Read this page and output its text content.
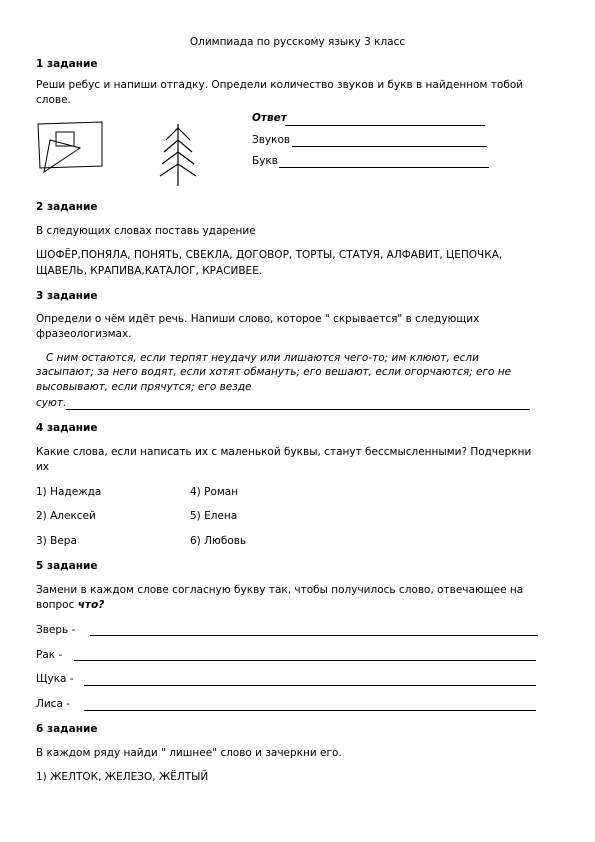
Олимпиада по русскому языку 3 класс
1 задание
Реши ребус и напиши отгадку. Определи количество звуков и букв в найденном тобой
слове.
Ответ
Звуков
Букв
2 задание
В следующих словах поставь ударение
ШОФЁР,ПОНЯЛА, ПОНЯТЬ, СВЕКЛА, ДОГОВОР, ТОРТЫ, СТАТУЯ, АЛФАВИТ, ЦЕПОЧКА,
ЩАВЕЛЬ, КРАПИВА,КАТАЛОГ, КРАСИВЕЕ.
3 задание
Определи о чём идёт речь. Напиши слово, которое " скрывается" в следующих
фразеологизмах.
С ним остаются, если терпят неудачу или лишаются чего-то; им клюют, если
засыпают; за него водят, если хотят обмануть; его вешают, если огорчаются; его не
высовывают, если прячутся; его везде
суют.
4 задание
Какие слова, если написать их с маленькой буквы, станут бессмысленными? Подчеркни
их
1) Надежда
2) Алексей
3) Вера
4) Роман
5) Елена
6) Любовь
5 задание
Замени в каждом слове согласную букву так, чтобы получилось слово, отвечающее на
вопрос что?
Зверь -
Рак -
Щука -
Лиса -
6 задание
В каждом ряду найди " лишнее" слово и зачеркни его.
1) ЖЕЛТОК, ЖЕЛЕЗО, ЖЁЛТЫЙ
